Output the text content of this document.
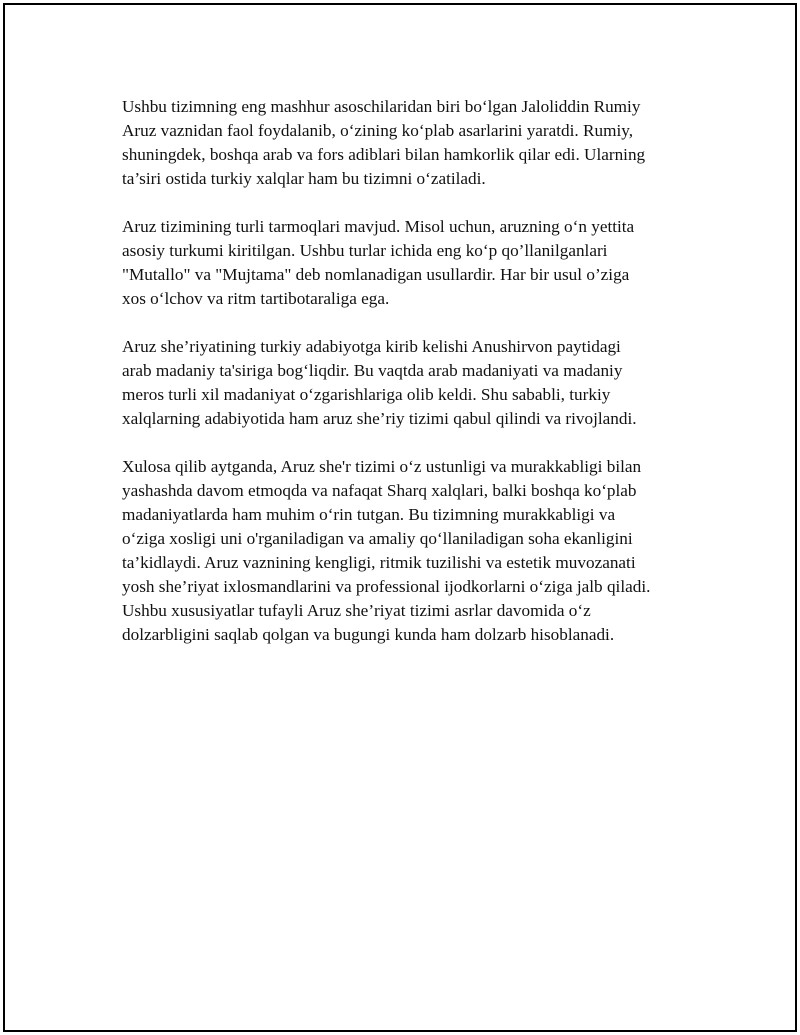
Ushbu tizimning eng mashhur asoschilaridan biri bo‘lgan Jaloliddin Rumiy
Aruz vaznidan faol foydalanib, o‘zining ko‘plab asarlarini yaratdi. Rumiy,
shuningdek, boshqa arab va fors adiblari bilan hamkorlik qilar edi. Ularning
ta’siri ostida turkiy xalqlar ham bu tizimni o‘zatiladi.

Aruz tizimining turli tarmoqlari mavjud. Misol uchun, aruzning o‘n yettita
asosiy turkumi kiritilgan. Ushbu turlar ichida eng ko‘p qo’llanilganlari
"Mutallo" va "Mujtama" deb nomlanadigan usullardir. Har bir usul o’ziga
xos o‘lchov va ritm tartibotaraliga ega.

Aruz she’riyatining turkiy adabiyotga kirib kelishi Anushirvon paytidagi
arab madaniy ta'siriga bog‘liqdir. Bu vaqtda arab madaniyati va madaniy
meros turli xil madaniyat o‘zgarishlariga olib keldi. Shu sababli, turkiy
xalqlarning adabiyotida ham aruz she’riy tizimi qabul qilindi va rivojlandi.

Xulosa qilib aytganda, Aruz she'r tizimi o‘z ustunligi va murakkabligi bilan
yashashda davom etmoqda va nafaqat Sharq xalqlari, balki boshqa ko‘plab
madaniyatlarda ham muhim o‘rin tutgan. Bu tizimning murakkabligi va
o‘ziga xosligi uni o'rganiladigan va amaliy qo‘llaniladigan soha ekanligini
ta’kidlaydi. Aruz vaznining kengligi, ritmik tuzilishi va estetik muvozanati
yosh she’riyat ixlosmandlarini va professional ijodkorlarni o‘ziga jalb qiladi.
Ushbu xususiyatlar tufayli Aruz she’riyat tizimi asrlar davomida o‘z
dolzarbligini saqlab qolgan va bugungi kunda ham dolzarb hisoblanadi.
